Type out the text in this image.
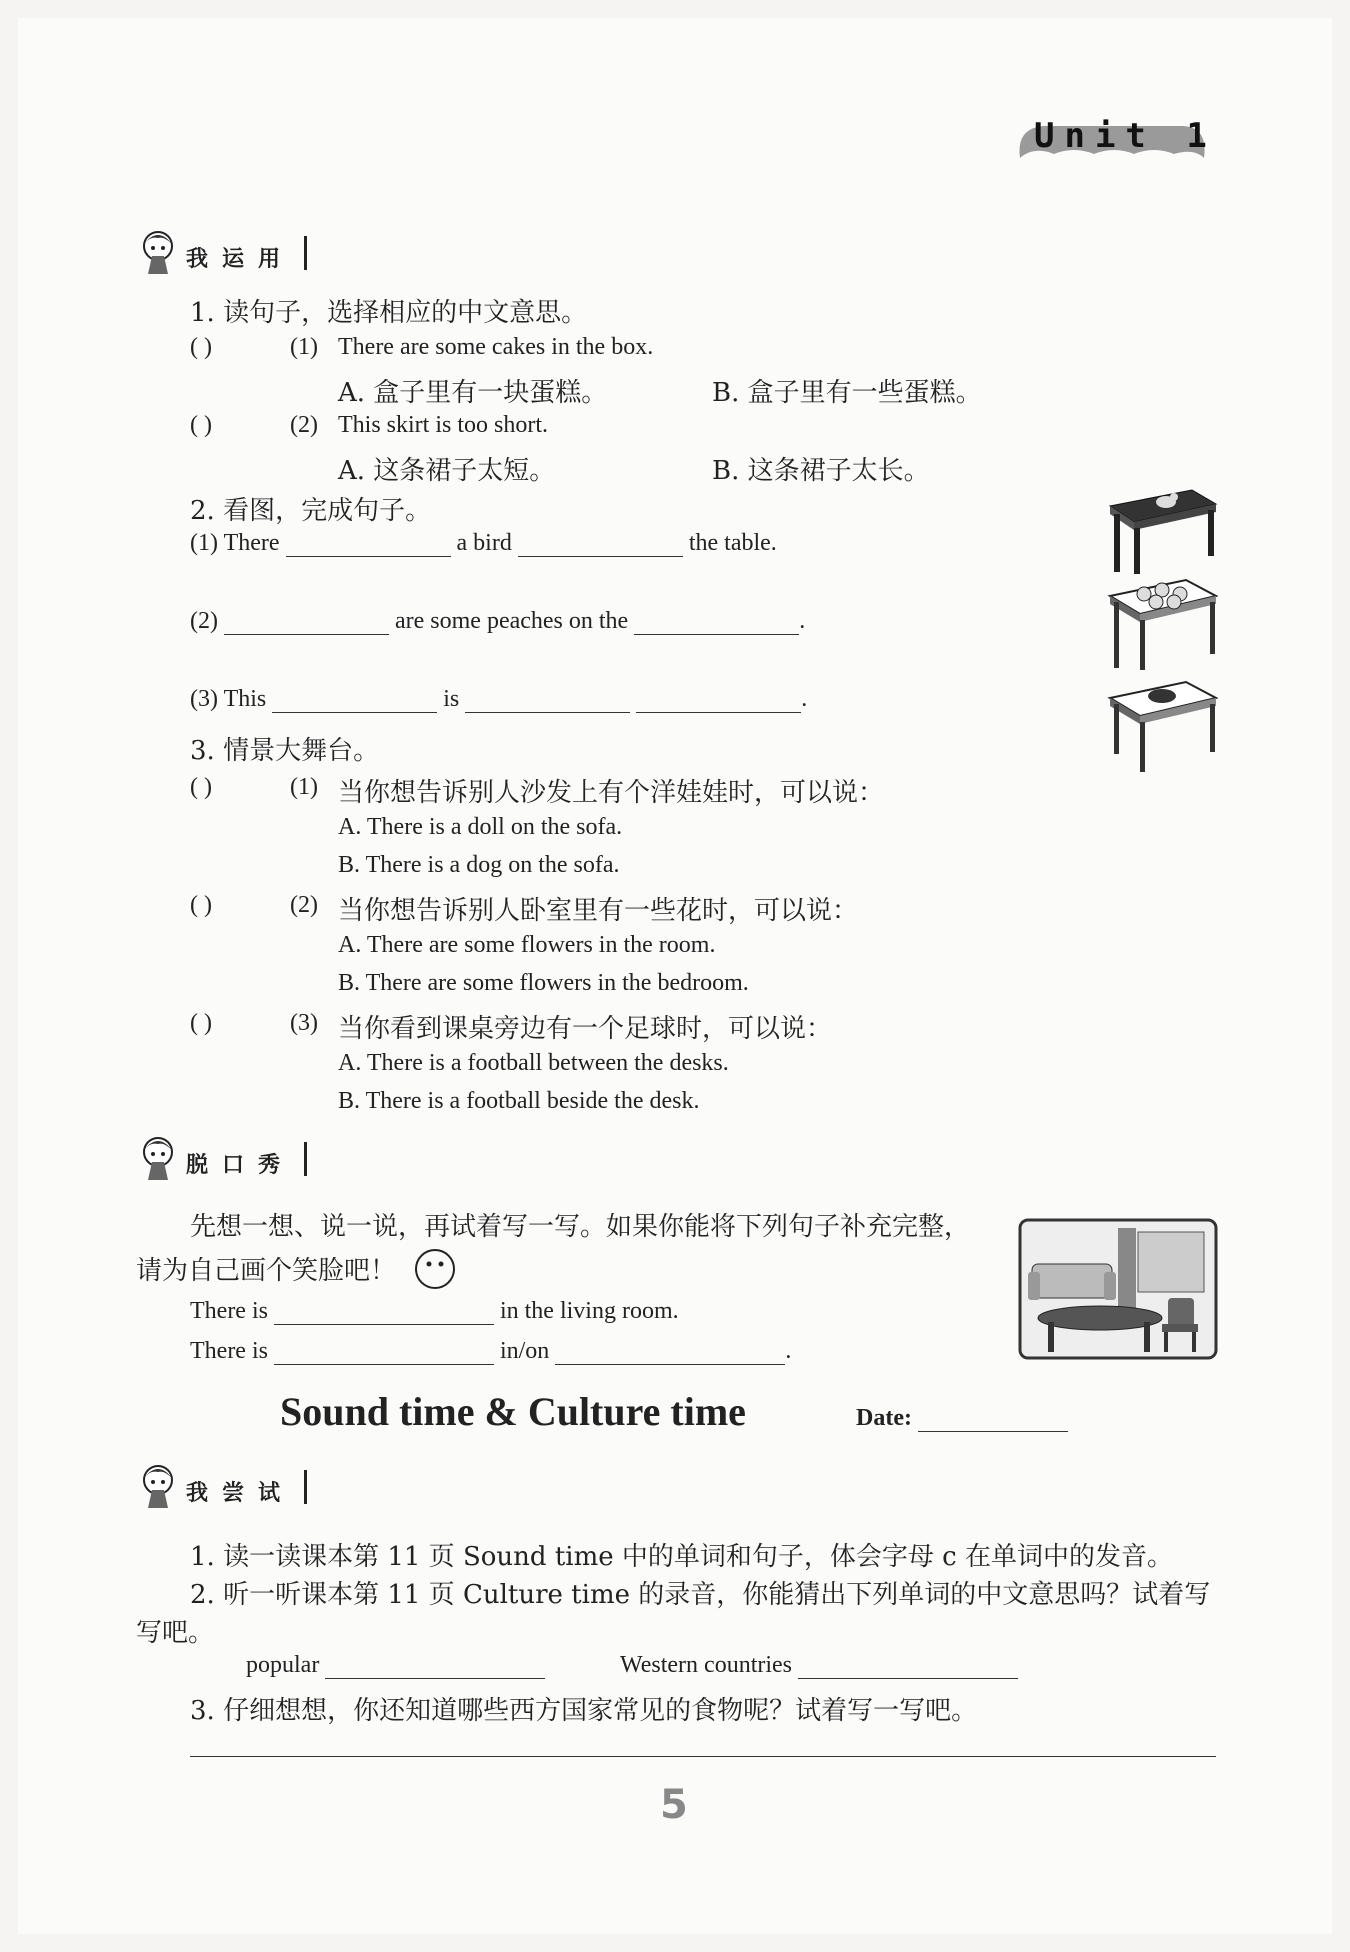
Unit 1
我运用
1. 读句子，选择相应的中文意思。
( )	(1) There are some cakes in the box.
A. 盒子里有一块蛋糕。	B. 盒子里有一些蛋糕。
( )	(2) This skirt is too short.
A. 这条裙子太短。	B. 这条裙子太长。
2. 看图，完成句子。
(1) There	a bird	the table.
(2)	are some peaches on the	.
(3) This	is	.
3. 情景大舞台。
( )	(1) 当你想告诉别人沙发上有个洋娃娃时，可以说：
A. There is a doll on the sofa.
B. There is a dog on the sofa.
( )	(2) 当你想告诉别人卧室里有一些花时，可以说：
A. There are some flowers in the room.
B. There are some flowers in the bedroom.
( )	(3) 当你看到课桌旁边有一个足球时，可以说：
A. There is a football between the desks.
B. There is a football beside the desk.
脱口秀
先想一想、说一说，再试着写一写。如果你能将下列句子补充完整，
请为自己画个笑脸吧！
There is	in the living room.
There is	in/on	.
Sound time & Culture time	Date:
我尝试
1. 读一读课本第 11 页 Sound time 中的单词和句子，体会字母 c 在单词中的发音。
2. 听一听课本第 11 页 Culture time 的录音，你能猜出下列单词的中文意思吗？试着写
写吧。
popular	Western countries
3. 仔细想想，你还知道哪些西方国家常见的食物呢？试着写一写吧。
5
